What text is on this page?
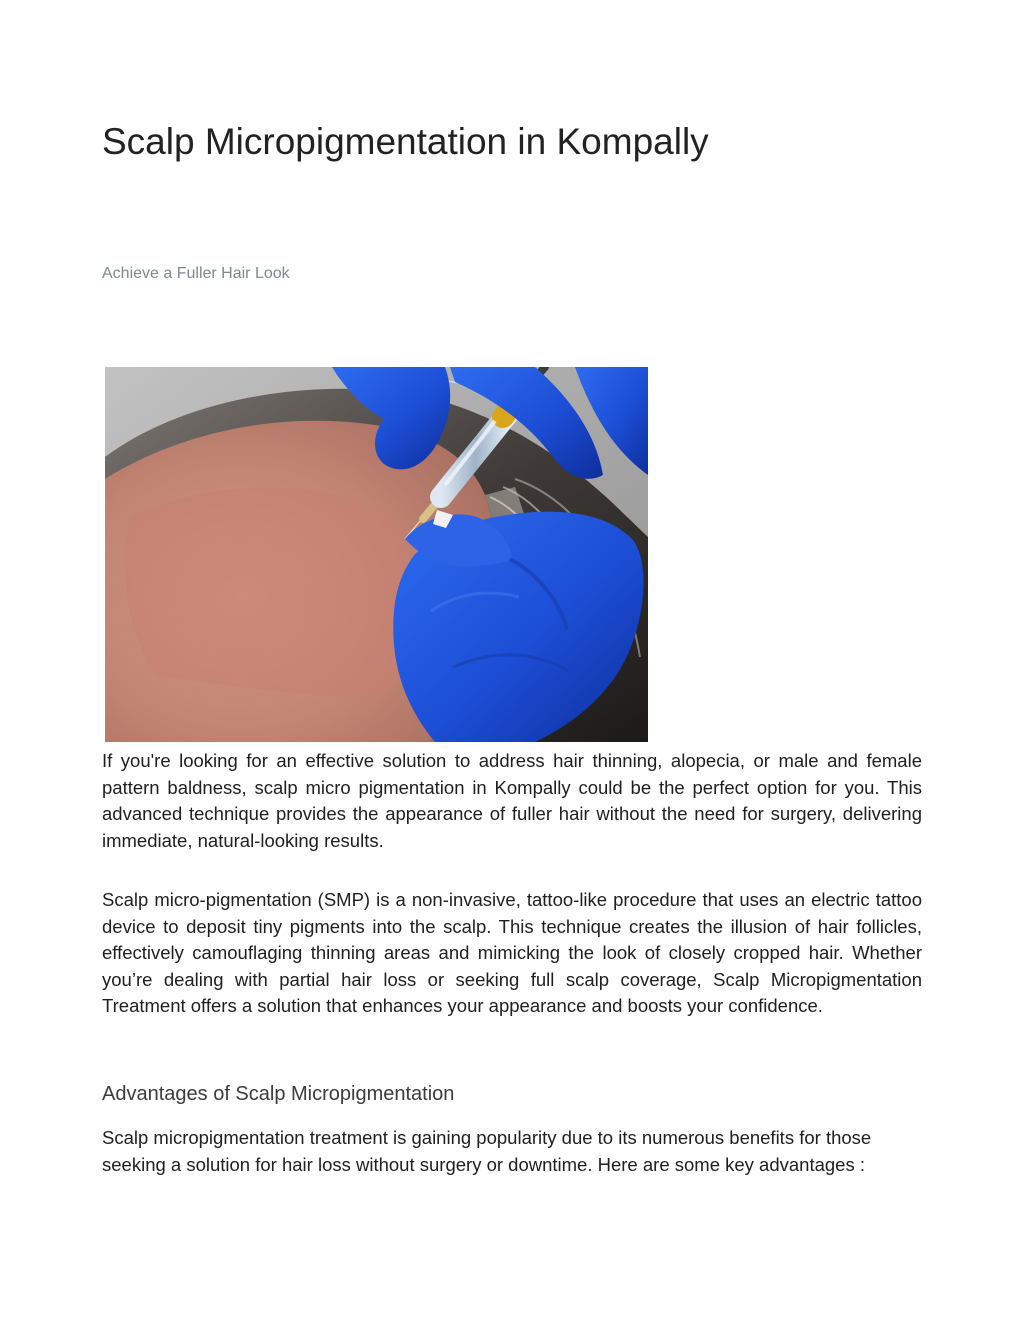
Scalp Micropigmentation in Kompally

Achieve a Fuller Hair Look

If you're looking for an effective solution to address hair thinning, alopecia, or male and female pattern baldness, scalp micro pigmentation in Kompally could be the perfect option for you. This advanced technique provides the appearance of fuller hair without the need for surgery, delivering immediate, natural-looking results.

Scalp micro-pigmentation (SMP) is a non-invasive, tattoo-like procedure that uses an electric tattoo device to deposit tiny pigments into the scalp. This technique creates the illusion of hair follicles, effectively camouflaging thinning areas and mimicking the look of closely cropped hair. Whether you’re dealing with partial hair loss or seeking full scalp coverage, Scalp Micropigmentation Treatment offers a solution that enhances your appearance and boosts your confidence.

Advantages of Scalp Micropigmentation

Scalp micropigmentation treatment is gaining popularity due to its numerous benefits for those seeking a solution for hair loss without surgery or downtime. Here are some key advantages :
